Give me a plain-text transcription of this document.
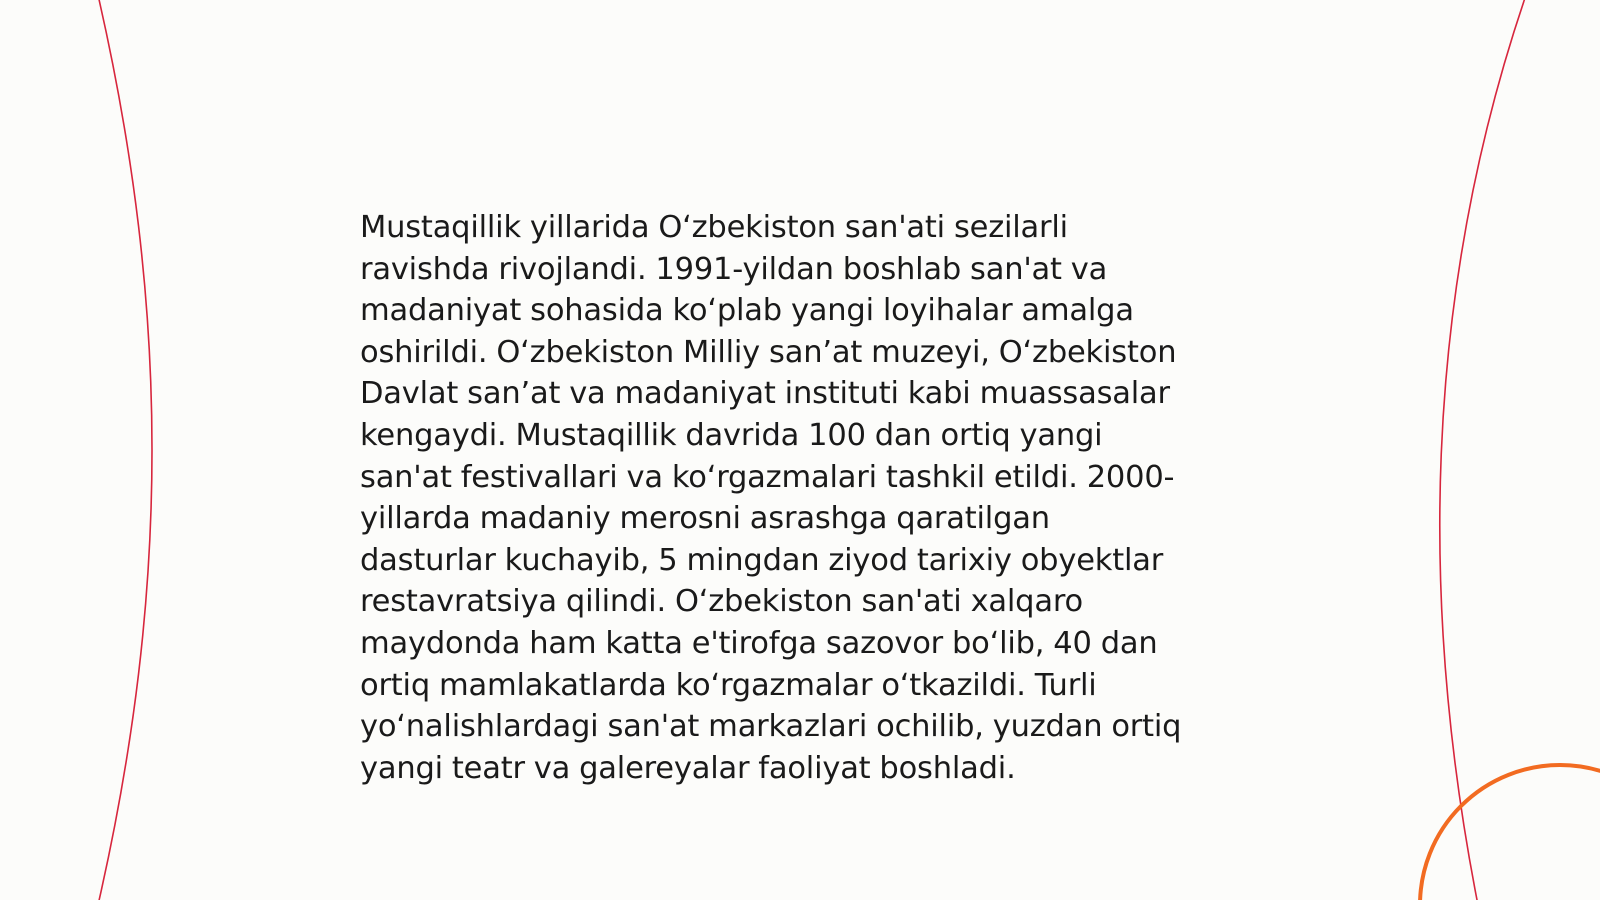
Mustaqillik yillarida O‘zbekiston san'ati sezilarli
ravishda rivojlandi. 1991-yildan boshlab san'at va
madaniyat sohasida ko‘plab yangi loyihalar amalga
oshirildi. O‘zbekiston Milliy san’at muzeyi, O‘zbekiston
Davlat san’at va madaniyat instituti kabi muassasalar
kengaydi. Mustaqillik davrida 100 dan ortiq yangi
san'at festivallari va ko‘rgazmalari tashkil etildi. 2000-
yillarda madaniy merosni asrashga qaratilgan
dasturlar kuchayib, 5 mingdan ziyod tarixiy obyektlar
restavratsiya qilindi. O‘zbekiston san'ati xalqaro
maydonda ham katta e'tirofga sazovor bo‘lib, 40 dan
ortiq mamlakatlarda ko‘rgazmalar o‘tkazildi. Turli
yo‘nalishlardagi san'at markazlari ochilib, yuzdan ortiq
yangi teatr va galereyalar faoliyat boshladi.
